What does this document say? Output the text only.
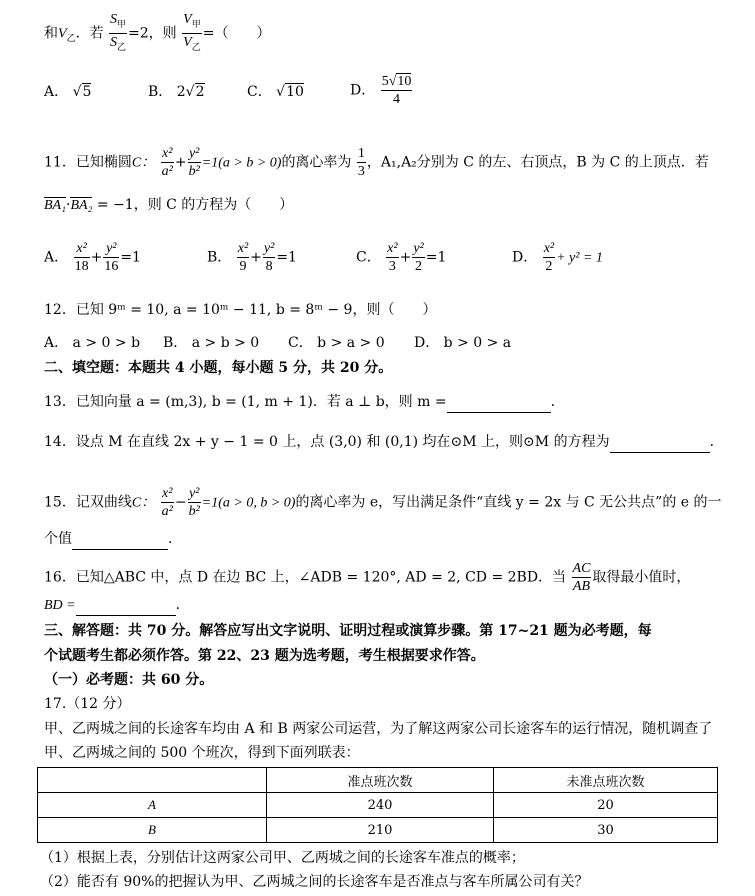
和$V_乙$．若 $\frac{S_甲}{S_乙} =2$，则 $\frac{V_甲}{V_乙}$ =（　　）
A． √5	B． 2√2	C． √10	D． $\frac{5√10}{4}$
11．已知椭圆C： $\frac{\text{x²}}{\text{a²}} + \frac{\text{y²}}{\text{b²}} =1(a > b > 0)$的离心率为 $\frac{1}{3}$ ，A₁,A₂分别为 C 的左、右顶点，B 为 C 的上顶点．若
BA₁·BA₂ = −1，则 C 的方程为（　　）
A． $\frac{\text{x²}}{18} + \frac{\text{y²}}{16} =1$	B． $\frac{\text{x²}}{9} + \frac{\text{y²}}{8} =1$	C． $\frac{\text{x²}}{3} + \frac{\text{y²}}{2} =1$	D． $\frac{\text{x²}}{2} + y^2 = 1$
12．已知 9ᵐ = 10, a = 10ᵐ − 11, b = 8ᵐ − 9，则（　　）
A． a > 0 > b B． a > b > 0 C． b > a > 0 D． b > 0 > a
二、填空题：本题共 4 小题，每小题 5 分，共 20 分。
13．已知向量 a = (m,3), b = (1, m + 1)．若 a ⊥ b，则 m =	．
14．设点 M 在直线 2x + y − 1 = 0 上，点 (3,0) 和 (0,1) 均在⊙M 上，则⊙M 的方程为	．
15．记双曲线C： $\frac{\text{x²}}{\text{a²}} - \frac{\text{y²}}{\text{b²}} =1(a > 0$, b > 0)的离心率为 e，写出满足条件“直线 y = 2x 与 C 无公共点”的 e 的一
个值	．
16．已知△ABC 中，点 D 在边 BC 上，∠ADB = 120°, AD = 2, CD = 2BD．当 $\frac{AC}{AB}$ 取得最小值时，
BD =	．
三、解答题：共 70 分。解答应写出文字说明、证明过程或演算步骤。第 17~21 题为必考题，每
个试题考生都必须作答。第 22、23 题为选考题，考生根据要求作答。
（一）必考题：共 60 分。
17.（12 分）
甲、乙两城之间的长途客车均由 A 和 B 两家公司运营，为了解这两家公司长途客车的运行情况，随机调查了
甲、乙两城之间的 500 个班次，得到下面列联表：
	准点班次数	未准点班次数
A	240	20
B	210	30
（1）根据上表，分别估计这两家公司甲、乙两城之间的长途客车准点的概率；
（2）能否有 90%的把握认为甲、乙两城之间的长途客车是否准点与客车所属公司有关？
